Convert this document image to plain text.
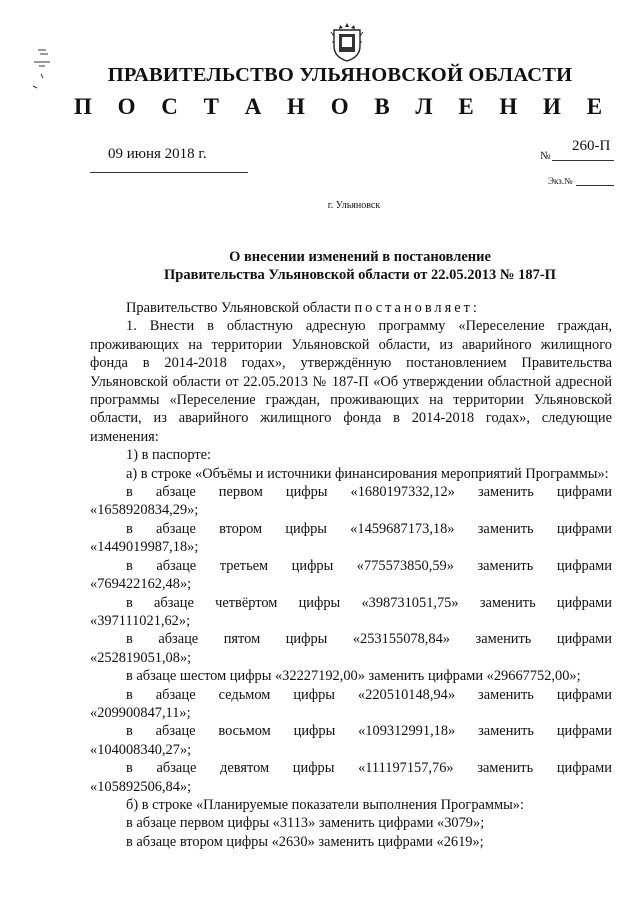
ПРАВИТЕЛЬСТВО УЛЬЯНОВСКОЙ ОБЛАСТИ
П О С Т А Н О В Л Е Н И Е
09 июня 2018 г.	№
260-П
Экз.№
г. Ульяновск
О внесении изменений в постановление
Правительства Ульяновской области от 22.05.2013 № 187-П

Правительство Ульяновской области постановляет:

1. Внести в областную адресную программу «Переселение граждан, проживающих на территории Ульяновской области, из аварийного жилищного фонда в 2014-2018 годах», утверждённую постановлением Правительства Ульяновской области от 22.05.2013 № 187-П «Об утверждении областной адресной программы «Переселение граждан, проживающих на территории Ульяновской области, из аварийного жилищного фонда в 2014-2018 годах», следующие изменения:

1) в паспорте:

а) в строке «Объёмы и источники финансирования мероприятий Программы»:

в абзаце первом цифры «1680197332,12» заменить цифрами
«1658920834,29»;
в абзаце втором цифры «1459687173,18» заменить цифрами
«1449019987,18»;
в абзаце третьем цифры «775573850,59» заменить цифрами
«769422162,48»;
в абзаце четвёртом цифры «398731051,75» заменить цифрами
«397111021,62»;
в абзаце пятом цифры «253155078,84» заменить цифрами
«252819051,08»;

в абзаце шестом цифры «32227192,00» заменить цифрами «29667752,00»;

в абзаце седьмом цифры «220510148,94» заменить цифрами
«209900847,11»;
в абзаце восьмом цифры «109312991,18» заменить цифрами
«104008340,27»;
в абзаце девятом цифры «111197157,76» заменить цифрами
«105892506,84»;

б) в строке «Планируемые показатели выполнения Программы»:

в абзаце первом цифры «3113» заменить цифрами «3079»;

в абзаце втором цифры «2630» заменить цифрами «2619»;
